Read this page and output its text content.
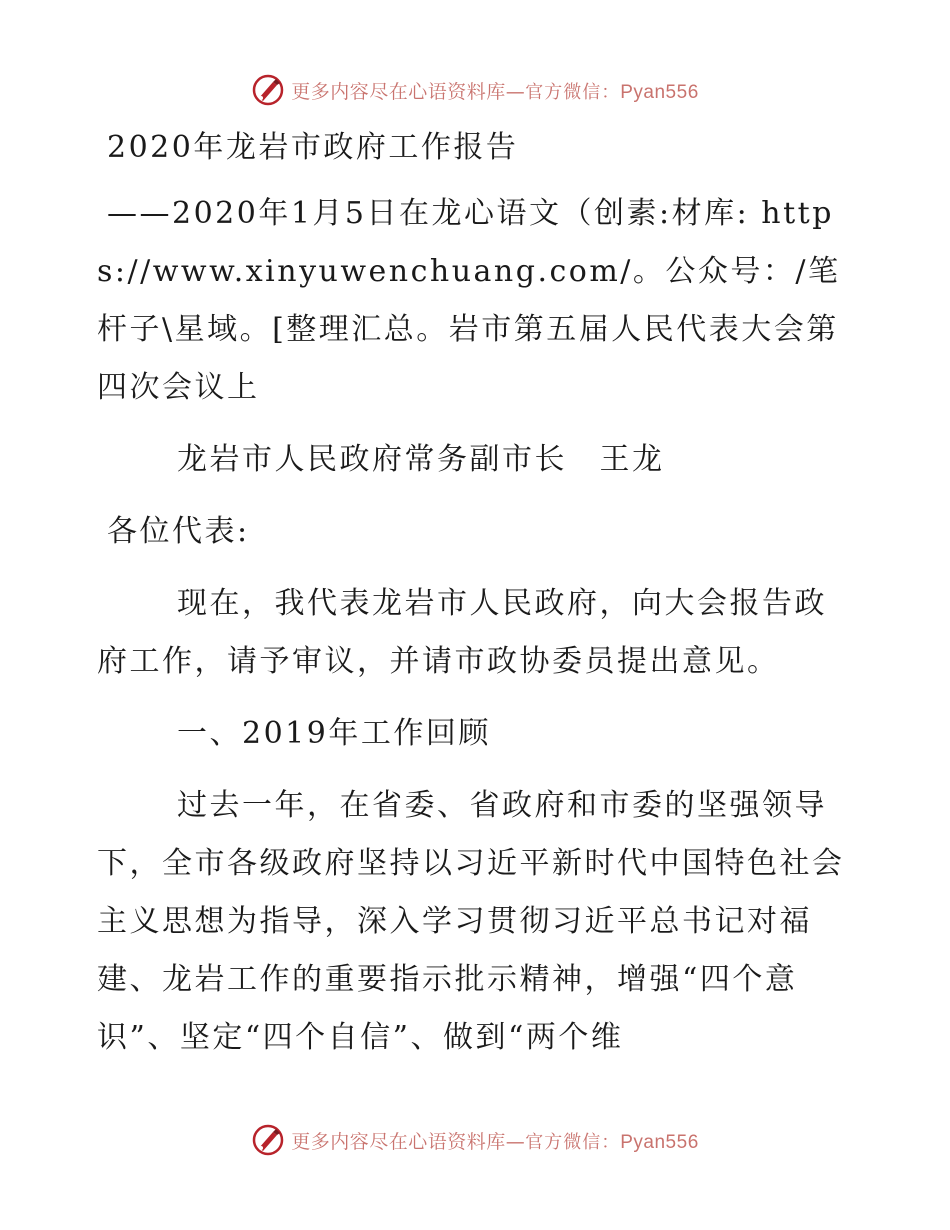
更多内容尽在心语资料库—官方微信：Pyan556

2020年龙岩市政府工作报告

——2020年1月5日在龙心语文（创素:材库: https://www.xinyuwenchuang.com/。公众号：/笔杆子\星域。[整理汇总。岩市第五届人民代表大会第四次会议上

龙岩市人民政府常务副市长　王龙

各位代表:

现在，我代表龙岩市人民政府，向大会报告政府工作，请予审议，并请市政协委员提出意见。

一、2019年工作回顾

过去一年，在省委、省政府和市委的坚强领导下，全市各级政府坚持以习近平新时代中国特色社会主义思想为指导，深入学习贯彻习近平总书记对福建、龙岩工作的重要指示批示精神，增强“四个意识”、坚定“四个自信”、做到“两个维

更多内容尽在心语资料库—官方微信：Pyan556
